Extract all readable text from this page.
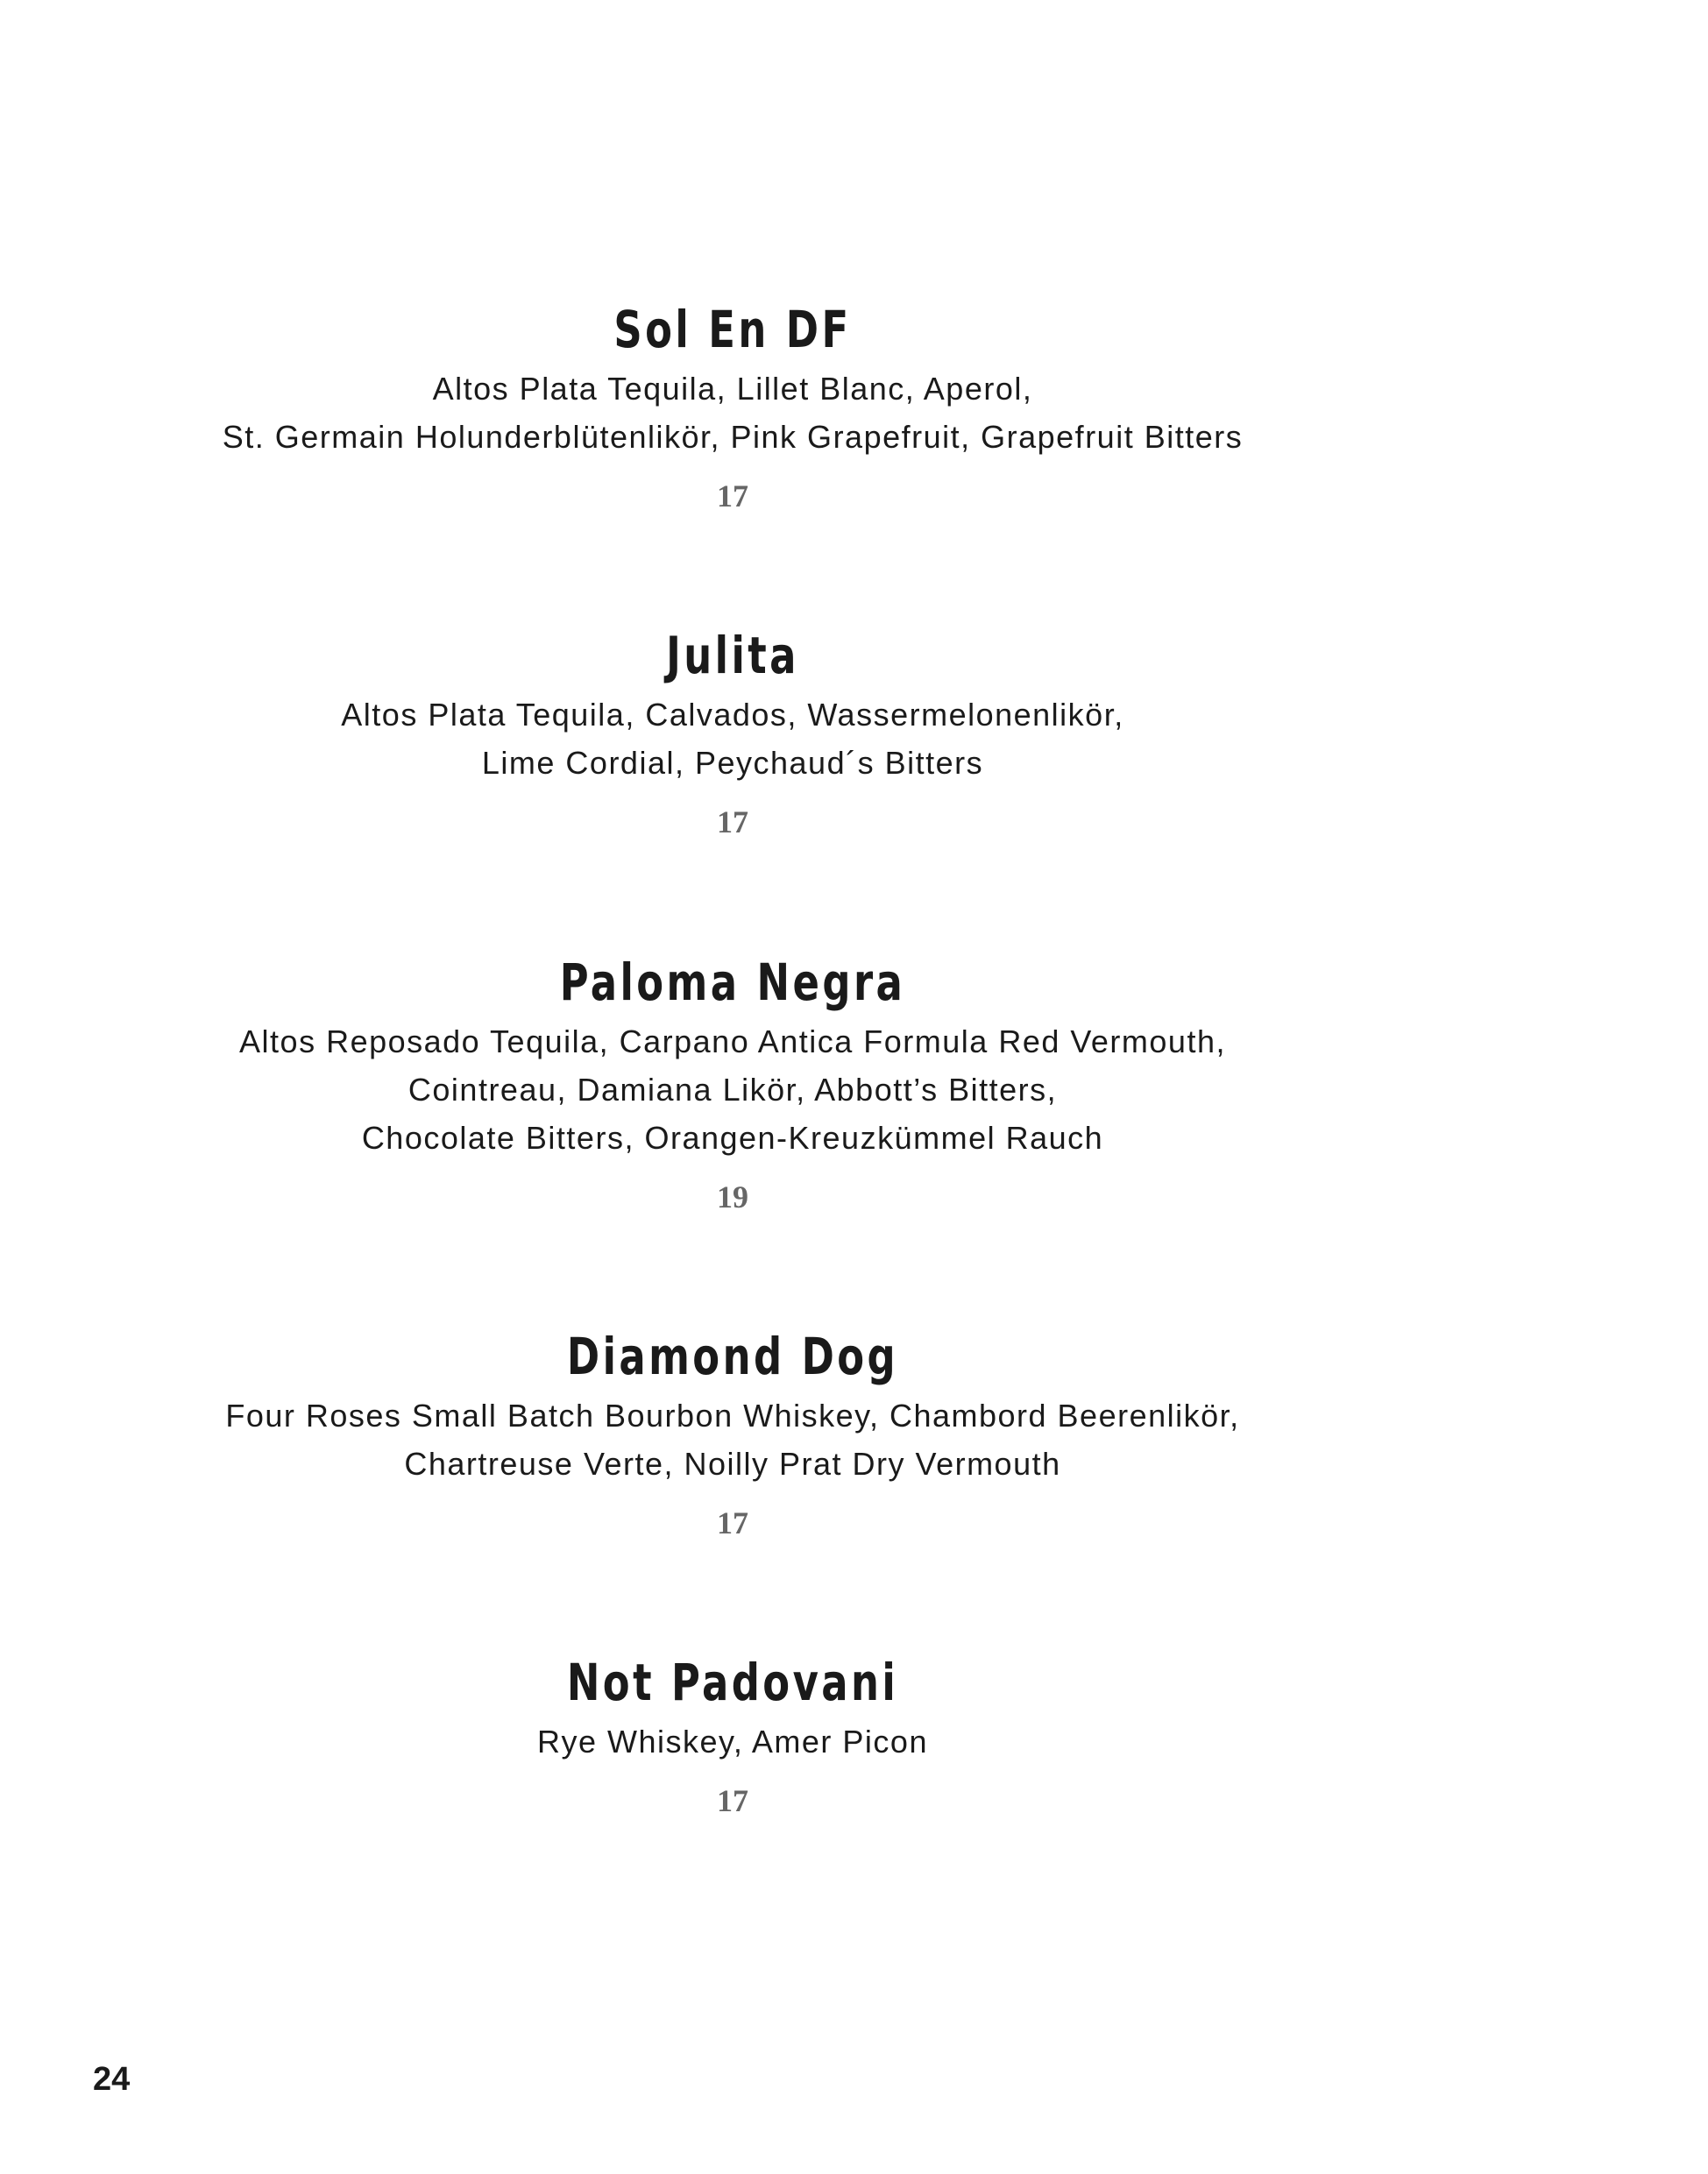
Sol En DF
Altos Plata Tequila, Lillet Blanc, Aperol,
St. Germain Holunderblütenlikör, Pink Grapefruit, Grapefruit Bitters
17
Julita
Altos Plata Tequila, Calvados, Wassermelonenlikör,
Lime Cordial, Peychaud´s Bitters
17
Paloma Negra
Altos Reposado Tequila, Carpano Antica Formula Red Vermouth,
Cointreau, Damiana Likör, Abbott’s Bitters,
Chocolate Bitters, Orangen-Kreuzkümmel Rauch
19
Diamond Dog
Four Roses Small Batch Bourbon Whiskey, Chambord Beerenlikör,
Chartreuse Verte, Noilly Prat Dry Vermouth
17
Not Padovani
Rye Whiskey, Amer Picon
17
24
